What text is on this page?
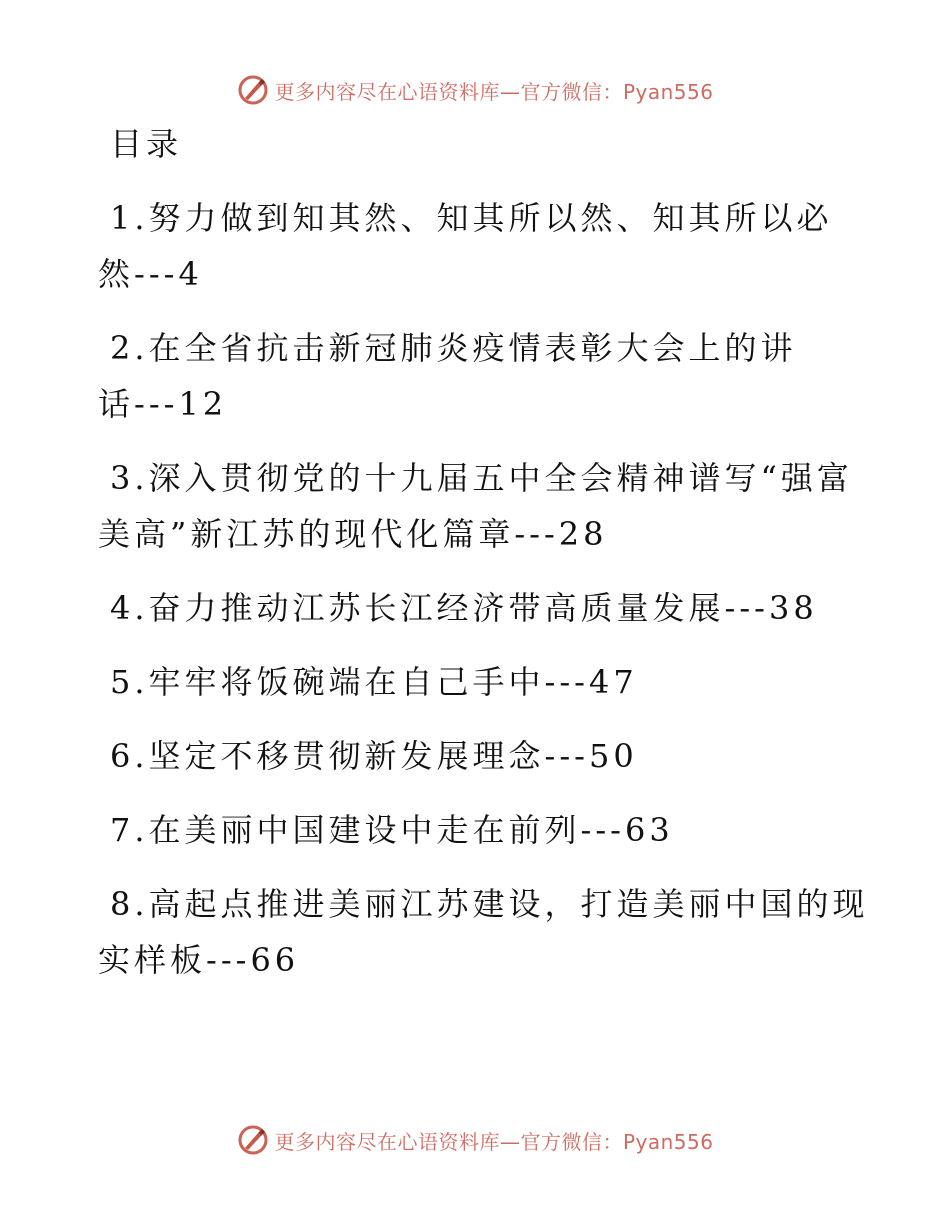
更多内容尽在心语资料库—官方微信：Pyan556
目录
1.努力做到知其然、知其所以然、知其所以必
然---4
2.在全省抗击新冠肺炎疫情表彰大会上的讲
话---12
3.深入贯彻党的十九届五中全会精神谱写“强富
美高”新江苏的现代化篇章---28
4.奋力推动江苏长江经济带高质量发展---38
5.牢牢将饭碗端在自己手中---47
6.坚定不移贯彻新发展理念---50
7.在美丽中国建设中走在前列---63
8.高起点推进美丽江苏建设，打造美丽中国的现
实样板---66
更多内容尽在心语资料库—官方微信：Pyan556
